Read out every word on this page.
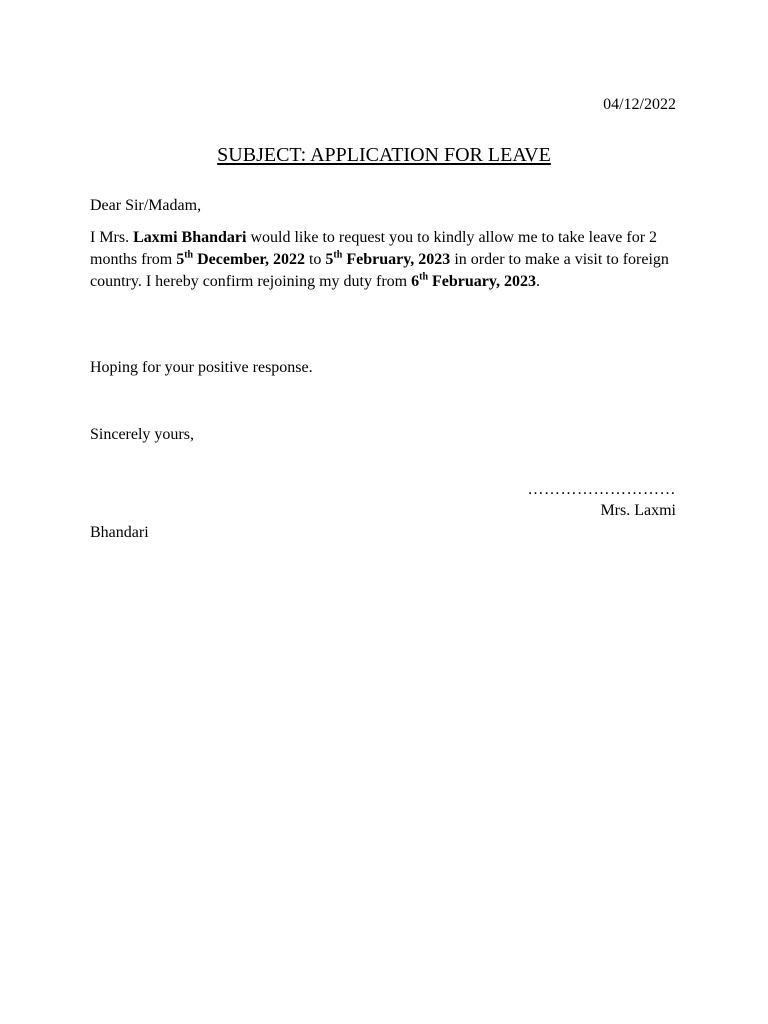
04/12/2022
SUBJECT: APPLICATION FOR LEAVE
Dear Sir/Madam,
I Mrs. Laxmi Bhandari would like to request you to kindly allow me to take leave for 2 months from 5th December, 2022 to 5th February, 2023 in order to make a visit to foreign country. I hereby confirm rejoining my duty from 6th February, 2023.
Hoping for your positive response.
Sincerely yours,
………………………
Mrs. Laxmi
Bhandari
